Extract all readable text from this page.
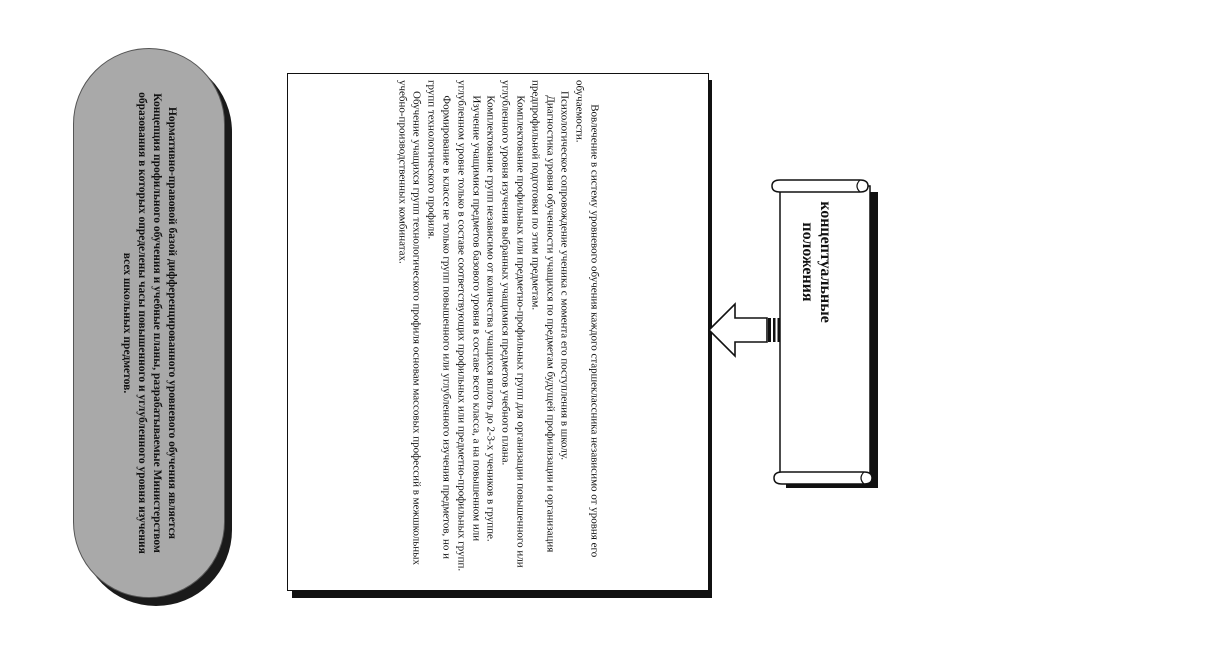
Нормативно-правовой базой дифференцированного уровневого обучения является Концепция профильного обучения и учебные планы, разрабатываемые Министерством образования в которых определены часы повышенного и углубленного уровня изучения всех школьных предметов.	Вовлечение в систему уровневого обучения каждого старшеклассника независимо от уровня его обучаемости.

Психологическое сопровождение ученика с момента его поступления в школу.

Диагностика уровня обученности учащихся по предметам будущей профилизации и организация предпрофильной подготовки по этим предметам.

Комплектование профильных или предметно-профильных групп для организации повышенного или углубленного уровня изучения выбранных учащимися предметов учебного плана.

Комплектование групп независимо от количества учащихся вплоть до 2-3-х учеников в группе.

Изучение учащимися предметов базового уровня в составе всего класса, а на повышенном или углубленном уровне только в составе соответствующих профильных или предметно-профильных групп.

Формирование в классе не только групп повышенного или углубленного изучения предметов, но и групп технологического профиля.

Обучение учащихся групп технологического профиля основам массовых профессий в межшкольных учебно-производственных комбинатах.	концептуальные положения
